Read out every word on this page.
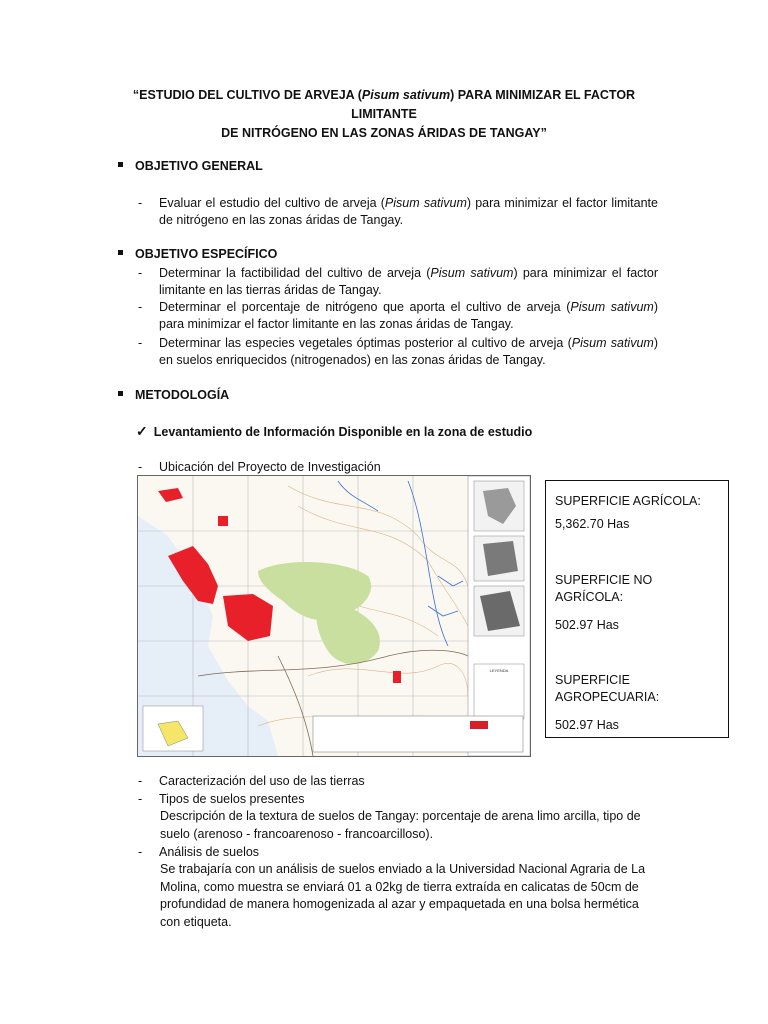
“ESTUDIO DEL CULTIVO DE ARVEJA (Pisum sativum) PARA MINIMIZAR EL FACTOR LIMITANTE
DE NITRÓGENO EN LAS ZONAS ÁRIDAS DE TANGAY”
OBJETIVO GENERAL
- Evaluar el estudio del cultivo de arveja (Pisum sativum) para minimizar el factor limitante de nitrógeno en las zonas áridas de Tangay.
OBJETIVO ESPECÍFICO
- Determinar la factibilidad del cultivo de arveja (Pisum sativum) para minimizar el factor limitante en las tierras áridas de Tangay.
- Determinar el porcentaje de nitrógeno que aporta el cultivo de arveja (Pisum sativum) para minimizar el factor limitante en las zonas áridas de Tangay.
- Determinar las especies vegetales óptimas posterior al cultivo de arveja (Pisum sativum) en suelos enriquecidos (nitrogenados) en las zonas áridas de Tangay.
METODOLOGÍA
✓ Levantamiento de Información Disponible en la zona de estudio
- Ubicación del Proyecto de Investigación
LEYENDA
SUPERFICIE AGRÍCOLA:
5,362.70 Has
SUPERFICIE NO
AGRÍCOLA:
502.97 Has
SUPERFICIE
AGROPECUARIA:
502.97 Has
- Caracterización del uso de las tierras
- Tipos de suelos presentes
Descripción de la textura de suelos de Tangay: porcentaje de arena limo arcilla, tipo de suelo (arenoso - francoarenoso - francoarcilloso).
- Análisis de suelos
Se trabajaría con un análisis de suelos enviado a la Universidad Nacional Agraria de La Molina, como muestra se enviará 01 a 02kg de tierra extraída en calicatas de 50cm de profundidad de manera homogenizada al azar y empaquetada en una bolsa hermética con etiqueta.
